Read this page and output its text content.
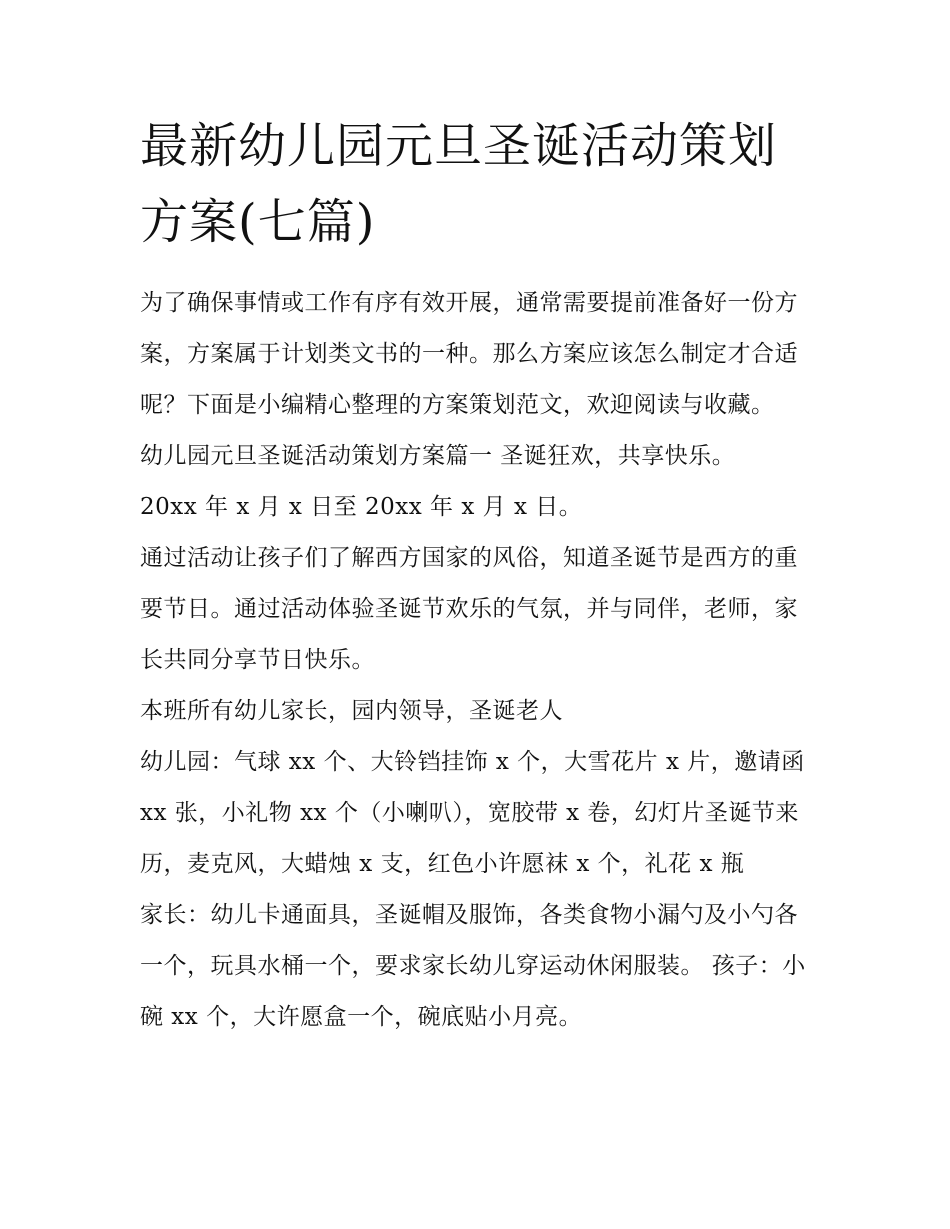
最新幼儿园元旦圣诞活动策划方案(七篇)

为了确保事情或工作有序有效开展，通常需要提前准备好一份方案，方案属于计划类文书的一种。那么方案应该怎么制定才合适呢？下面是小编精心整理的方案策划范文，欢迎阅读与收藏。

幼儿园元旦圣诞活动策划方案篇一 圣诞狂欢，共享快乐。

20xx 年 x 月 x 日至 20xx 年 x 月 x 日。

通过活动让孩子们了解西方国家的风俗，知道圣诞节是西方的重要节日。通过活动体验圣诞节欢乐的气氛，并与同伴，老师，家长共同分享节日快乐。

本班所有幼儿家长，园内领导，圣诞老人

幼儿园：气球 xx 个、大铃铛挂饰 x 个，大雪花片 x 片，邀请函 xx 张，小礼物 xx 个（小喇叭），宽胶带 x 卷，幻灯片圣诞节来历，麦克风，大蜡烛 x 支，红色小许愿袜 x 个，礼花 x 瓶

家长：幼儿卡通面具，圣诞帽及服饰，各类食物小漏勺及小勺各一个，玩具水桶一个，要求家长幼儿穿运动休闲服装。 孩子：小碗 xx 个，大许愿盒一个，碗底贴小月亮。
